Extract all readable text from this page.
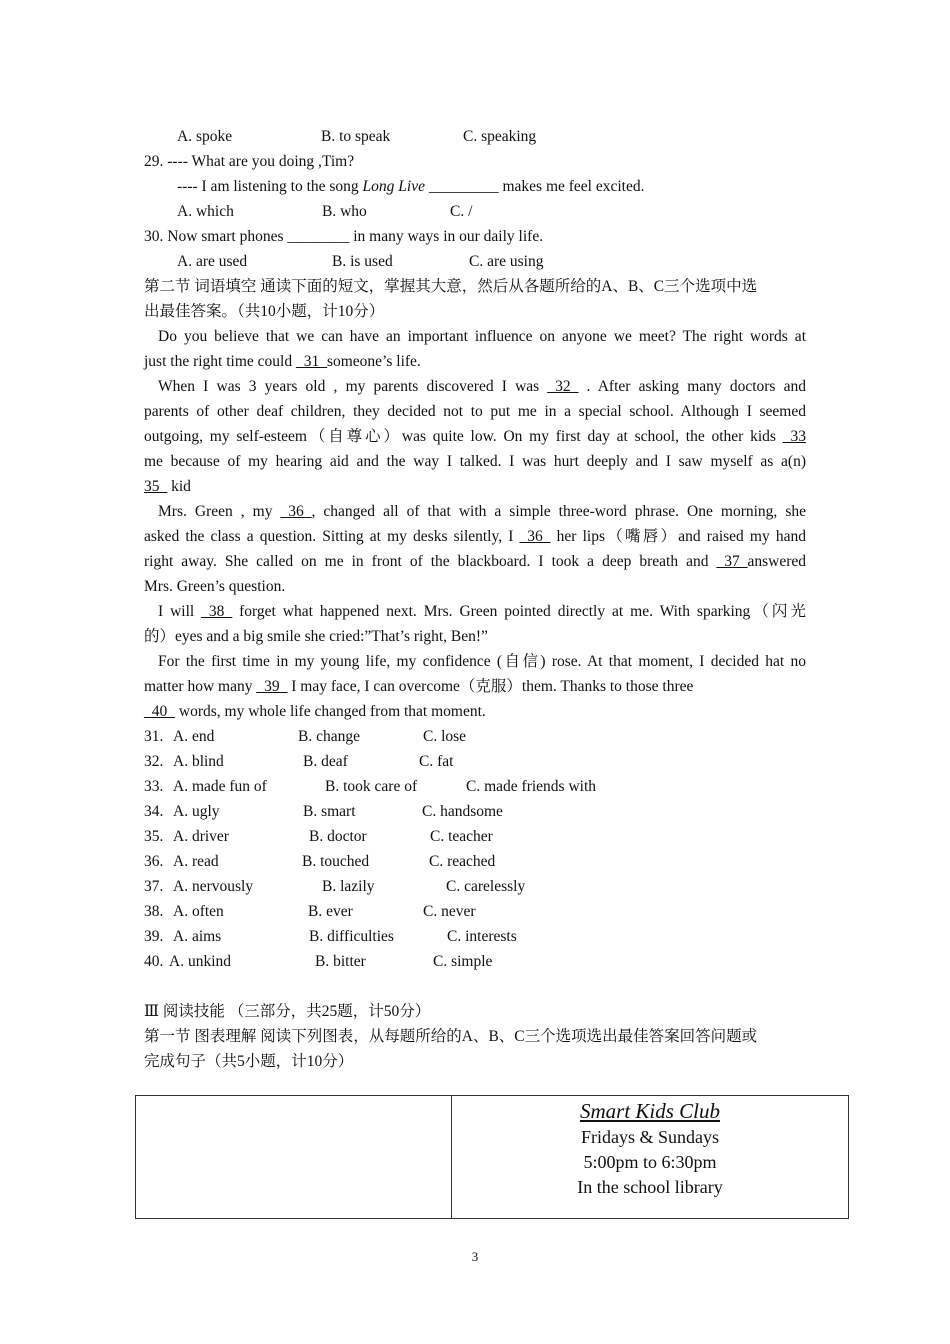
A. spoke	B. to speak	C. speaking
29. ---- What are you doing ,Tim?
---- I am listening to the song Long Live _________ makes me feel excited.
A. which	B. who	C. /
30. Now smart phones ________ in many ways in our daily life.
A. are used	B. is used	C. are using
第二节 词语填空 通读下面的短文，掌握其大意，然后从各题所给的A、B、C三个选项中选
出最佳答案。（共10小题，计10分）
Do you believe that we can have an important influence on anyone we meet? The right words at
just the right time could _31_someone’s life.
When I was 3 years old , my parents discovered I was _32_ . After asking many doctors and
parents of other deaf children, they decided not to put me in a special school. Although I seemed
outgoing, my self-esteem（自尊心）was quite low. On my first day at school, the other kids _33
me because of my hearing aid and the way I talked. I was hurt deeply and I saw myself as a(n)
35_ kid
Mrs. Green , my _36_, changed all of that with a simple three-word phrase. One morning, she
asked the class a question. Sitting at my desks silently, I _36_ her lips（嘴唇）and raised my hand
right away. She called on me in front of the blackboard. I took a deep breath and _37_answered
Mrs. Green’s question.
I will _38_ forget what happened next. Mrs. Green pointed directly at me. With sparking（闪光
的）eyes and a big smile she cried:”That’s right, Ben!”
For the first time in my young life, my confidence (自信) rose. At that moment, I decided hat no
matter how many _39_ I may face, I can overcome（克服）them. Thanks to those three
_40_ words, my whole life changed from that moment.
31. A. end	B. change	C. lose
32. A. blind	B. deaf	C. fat
33. A. made fun of	B. took care of	C. made friends with
34. A. ugly	B. smart	C. handsome
35. A. driver	B. doctor	C. teacher
36. A. read	B. touched	C. reached
37. A. nervously	B. lazily	C. carelessly
38. A. often	B. ever	C. never
39. A. aims	B. difficulties	C. interests
40. A. unkind	B. bitter	C. simple
Ⅲ 阅读技能 （三部分，共25题，计50分）
第一节 图表理解 阅读下列图表，从每题所给的A、B、C三个选项选出最佳答案回答问题或
完成句子（共5小题，计10分）

Smart Kids Club
Fridays & Sundays
5:00pm to 6:30pm
In the school library
3
